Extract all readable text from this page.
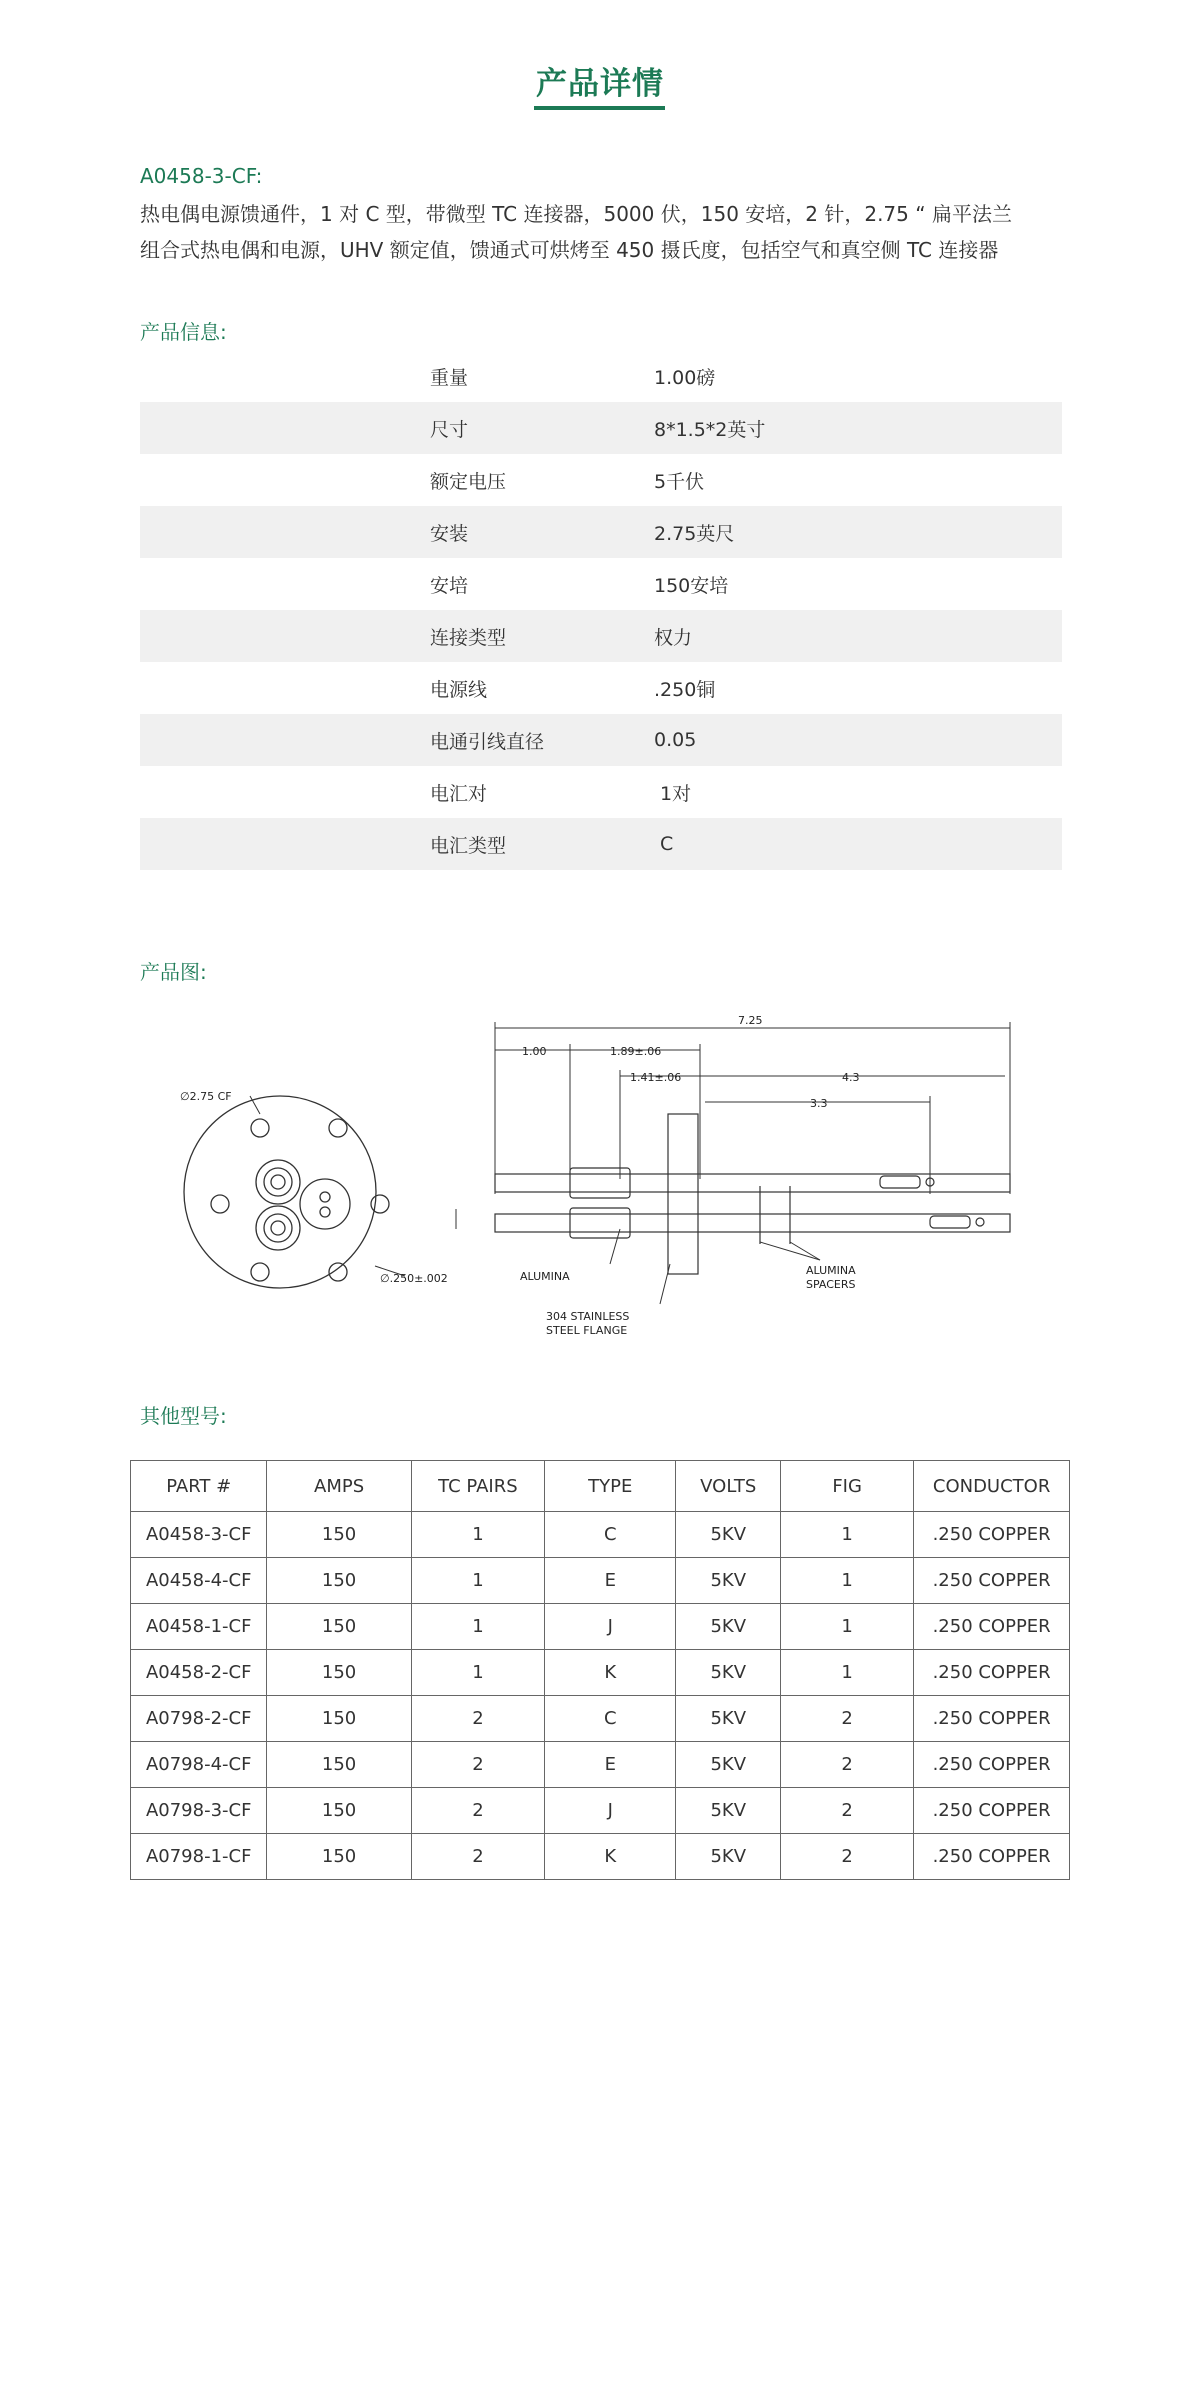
产品详情
A0458-3-CF:
热电偶电源馈通件，1 对 C 型，带微型 TC 连接器，5000 伏，150 安培，2 针，2.75 “ 扁平法兰
组合式热电偶和电源，UHV 额定值，馈通式可烘烤至 450 摄氏度，包括空气和真空侧 TC 连接器
产品信息:
重量	1.00磅
尺寸	8*1.5*2英寸
额定电压	5千伏
安装	2.75英尺
安培	150安培
连接类型	权力
电源线	.250铜
电通引线直径	0.05
电汇对	1对
电汇类型	C
产品图:
∅2.75 CF
∅.250±.002
7.25
1.00	1.89±.06
1.41±.06	4.3
3.3
ALUMINA	ALUMINA
SPACERS
304 STAINLESS
STEEL FLANGE
其他型号:
PART #	AMPS	TC PAIRS	TYPE	VOLTS	FIG	CONDUCTOR
A0458-3-CF	150	1	C	5KV	1	.250 COPPER
A0458-4-CF	150	1	E	5KV	1	.250 COPPER
A0458-1-CF	150	1	J	5KV	1	.250 COPPER
A0458-2-CF	150	1	K	5KV	1	.250 COPPER
A0798-2-CF	150	2	C	5KV	2	.250 COPPER
A0798-4-CF	150	2	E	5KV	2	.250 COPPER
A0798-3-CF	150	2	J	5KV	2	.250 COPPER
A0798-1-CF	150	2	K	5KV	2	.250 COPPER
